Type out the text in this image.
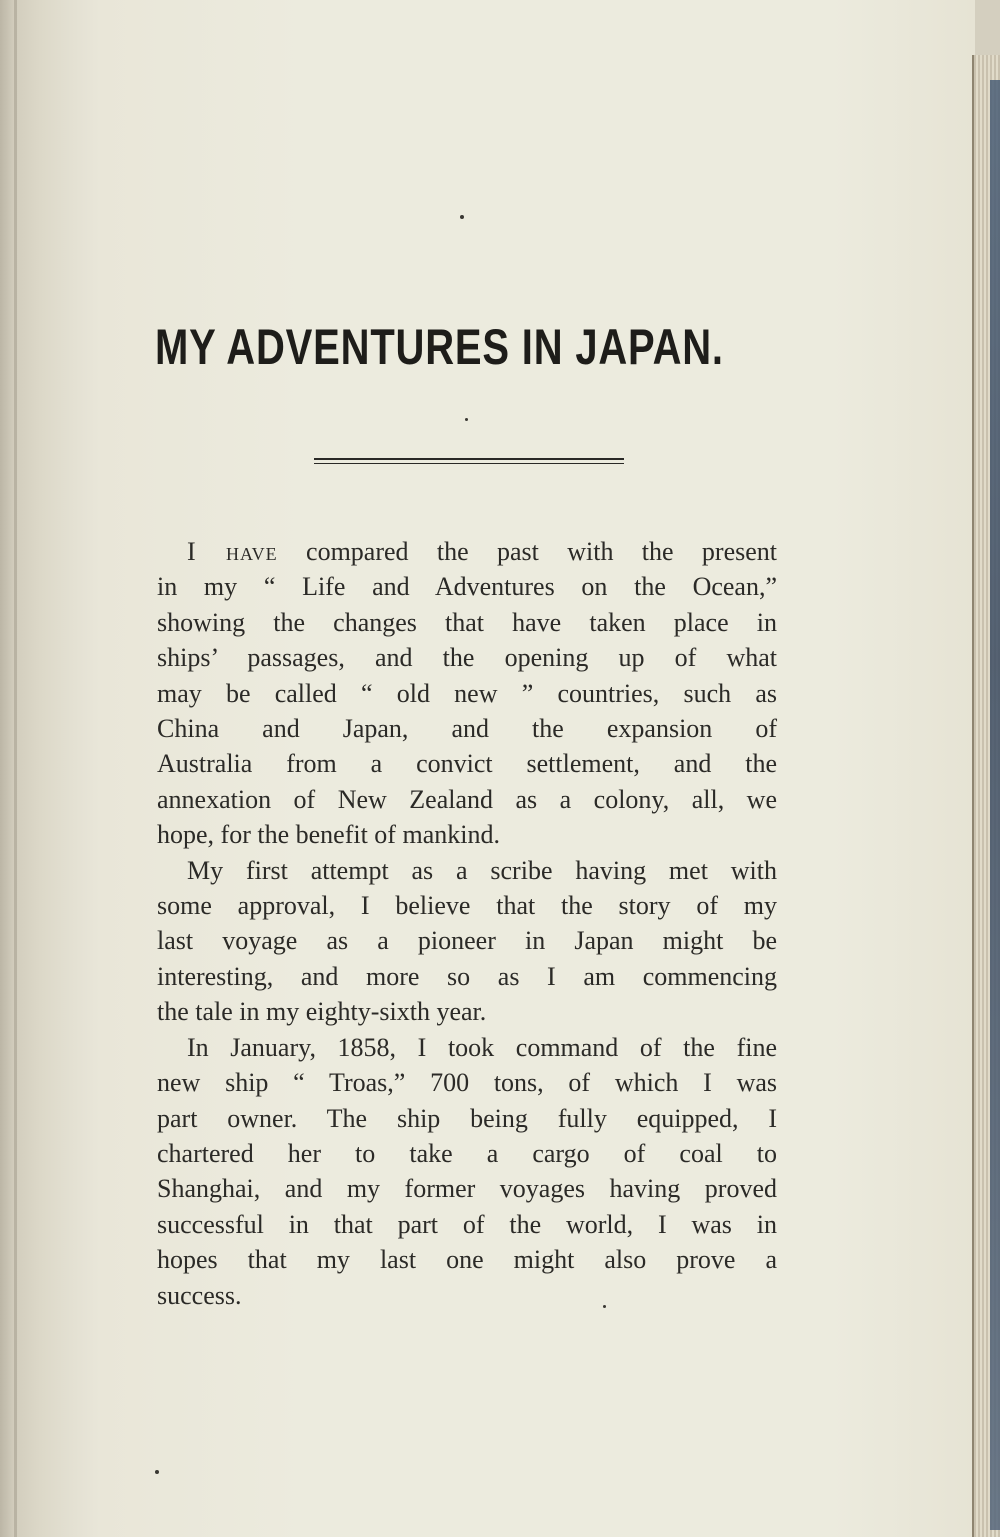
MY ADVENTURES IN JAPAN.
I have compared the past with the present
in my “ Life and Adventures on the Ocean,”
showing the changes that have taken place in
ships’ passages, and the opening up of what
may be called “ old new ” countries, such as
China and Japan, and the expansion of
Australia from a convict settlement, and the
annexation of New Zealand as a colony, all, we
hope, for the benefit of mankind.
My first attempt as a scribe having met with
some approval, I believe that the story of my
last voyage as a pioneer in Japan might be
interesting, and more so as I am commencing
the tale in my eighty-sixth year.
In January, 1858, I took command of the fine
new ship “ Troas,” 700 tons, of which I was
part owner. The ship being fully equipped, I
chartered her to take a cargo of coal to
Shanghai, and my former voyages having proved
successful in that part of the world, I was in
hopes that my last one might also prove a
success.
